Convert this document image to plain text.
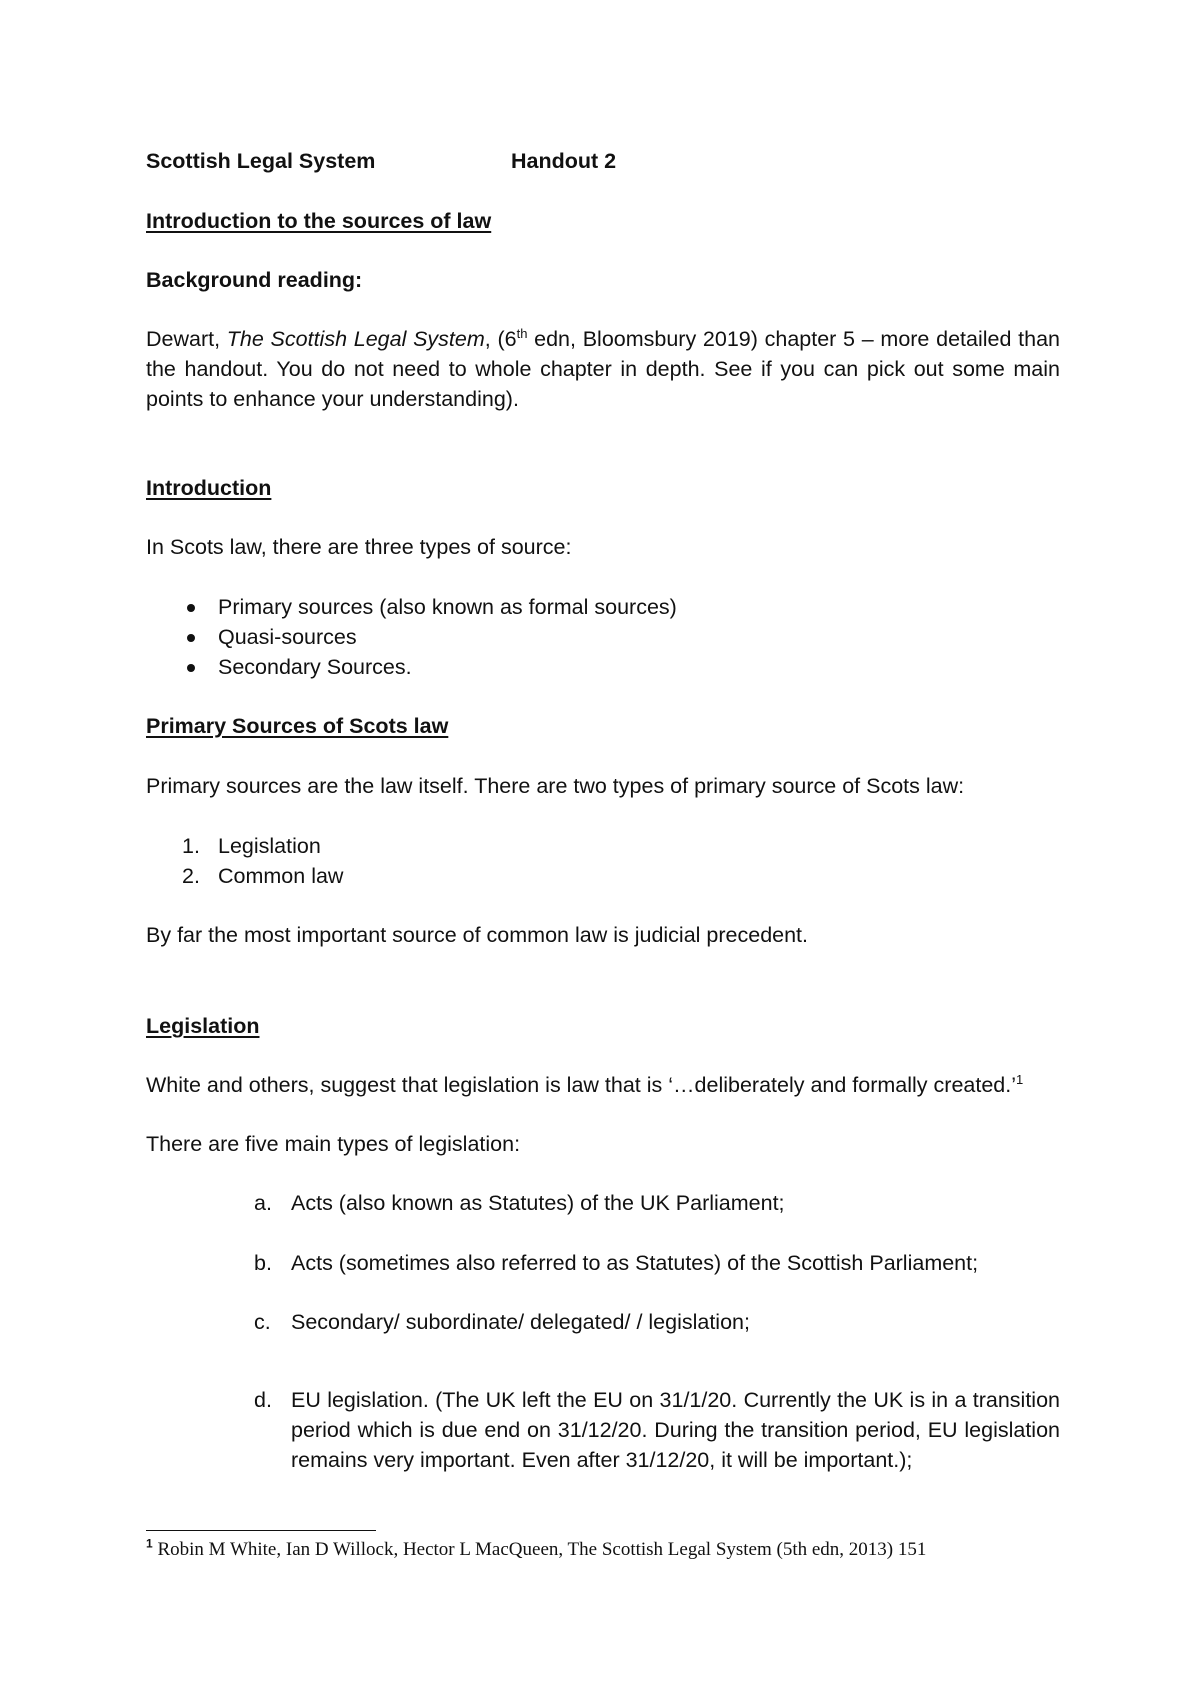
Scottish Legal System	Handout 2
Introduction to the sources of law
Background reading:
Dewart, The Scottish Legal System, (6th edn, Bloomsbury 2019) chapter 5 – more detailed than the handout. You do not need to whole chapter in depth. See if you can pick out some main points to enhance your understanding).
Introduction
In Scots law, there are three types of source:
Primary sources (also known as formal sources)
Quasi-sources
Secondary Sources.
Primary Sources of Scots law
Primary sources are the law itself. There are two types of primary source of Scots law:
1. Legislation
2. Common law
By far the most important source of common law is judicial precedent.
Legislation
White and others, suggest that legislation is law that is ‘…deliberately and formally created.’$^1$
There are five main types of legislation:
a. Acts (also known as Statutes) of the UK Parliament;
b. Acts (sometimes also referred to as Statutes) of the Scottish Parliament;
c. Secondary/ subordinate/ delegated/ / legislation;
d. EU legislation. (The UK left the EU on 31/1/20. Currently the UK is in a transition period which is due end on 31/12/20. During the transition period, EU legislation remains very important. Even after 31/12/20, it will be important.);
$^1$ Robin M White, Ian D Willock, Hector L MacQueen, The Scottish Legal System (5th edn, 2013) 151
